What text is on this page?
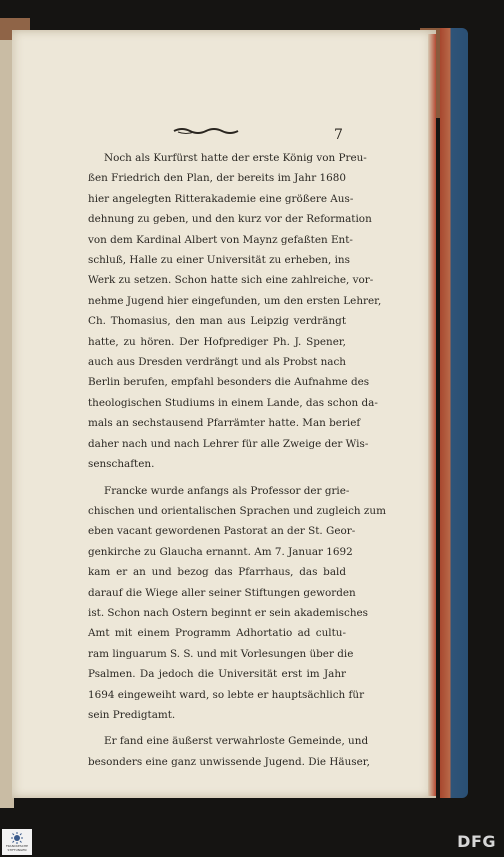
7
Noch als Kurfürst hatte der erste König von Preu-
ßen Friedrich den Plan, der bereits im Jahr 1680
hier angelegten Ritterakademie eine größere Aus-
dehnung zu geben, und den kurz vor der Reformation
von dem Kardinal Albert von Maynz gefaßten Ent-
schluß, Halle zu einer Universität zu erheben, ins
Werk zu setzen. Schon hatte sich eine zahlreiche, vor-
nehme Jugend hier eingefunden, um den ersten Lehrer,
Ch. Thomasius, den man aus Leipzig verdrängt
hatte, zu hören. Der Hofprediger Ph. J. Spener,
auch aus Dresden verdrängt und als Probst nach
Berlin berufen, empfahl besonders die Aufnahme des
theologischen Studiums in einem Lande, das schon da-
mals an sechstausend Pfarrämter hatte. Man berief
daher nach und nach Lehrer für alle Zweige der Wis-
senschaften.
Francke wurde anfangs als Professor der grie-
chischen und orientalischen Sprachen und zugleich zum
eben vacant gewordenen Pastorat an der St. Geor-
genkirche zu Glaucha ernannt. Am 7. Januar 1692
kam er an und bezog das Pfarrhaus, das bald
darauf die Wiege aller seiner Stiftungen geworden
ist. Schon nach Ostern beginnt er sein akademisches
Amt mit einem Programm Adhortatio ad cultu-
ram linguarum S. S. und mit Vorlesungen über die
Psalmen. Da jedoch die Universität erst im Jahr
1694 eingeweiht ward, so lebte er hauptsächlich für
sein Predigtamt.
Er fand eine äußerst verwahrloste Gemeinde, und
besonders eine ganz unwissende Jugend. Die Häuser,
FRANCKESCHE STIFTUNGEN	DFG
